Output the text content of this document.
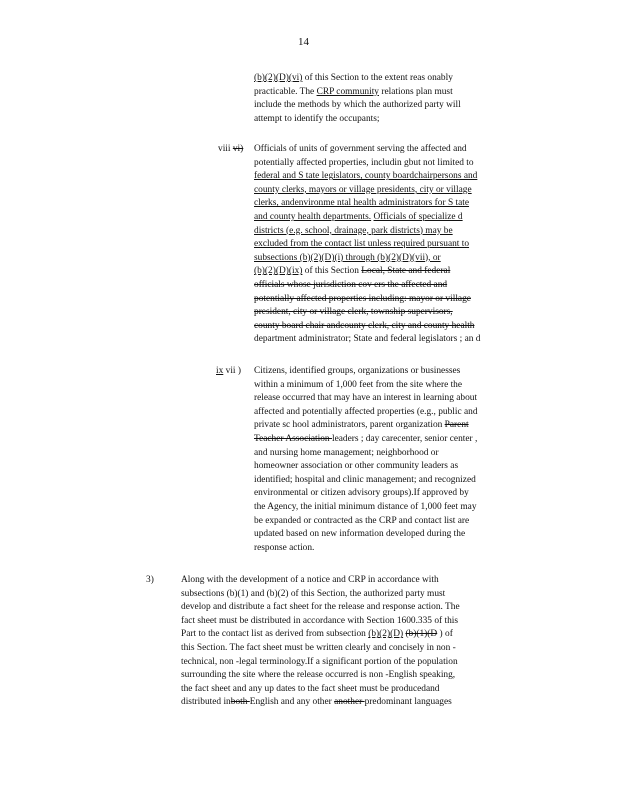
14
(b)(2)(D)(vi) of this Section to the extent reas onably
practicable. The CRP community relations plan must
include the methods by which the authorized party will
attempt to identify the occupants;
viii vi) Officials of units of government serving the affected and
potentially affected properties, includin gbut not limited to
federal and S tate legislators, county boardchairpersons and
county clerks, mayors or village presidents, city or village
clerks, andenvironme ntal health administrators for S tate
and county health departments. Officials of specialize d
districts (e.g. school, drainage, park districts) may be
excluded from the contact list unless required pursuant to
subsections (b)(2)(D)(i) through (b)(2)(D)(vii), or
(b)(2)(D)(ix) of this Section Local, State and federal
officials whose jurisdiction cov ers the affected and
potentially affected properties including: mayor or village
president, city or village clerk, township supervisors,
county board chair andcounty clerk, city and county health
department administrator; State and federal legislators ; an d
ix vii ) Citizens, identified groups, organizations or businesses
within a minimum of 1,000 feet from the site where the
release occurred that may have an interest in learning about
affected and potentially affected properties (e.g., public and
private sc hool administrators, parent organization Parent
Teacher Association leaders ; day carecenter, senior center ,
and nursing home management; neighborhood or
homeowner association or other community leaders as
identified; hospital and clinic management; and recognized
environmental or citizen advisory groups).If approved by
the Agency, the initial minimum distance of 1,000 feet may
be expanded or contracted as the CRP and contact list are
updated based on new information developed during the
response action.
3)	Along with the development of a notice and CRP in accordance with
subsections (b)(1) and (b)(2) of this Section, the authorized party must
develop and distribute a fact sheet for the release and response action. The
fact sheet must be distributed in accordance with Section 1600.335 of this
Part to the contact list as derived from subsection (b)(2)(D) (b)(1)(D ) of
this Section. The fact sheet must be written clearly and concisely in non -
technical, non -legal terminology.If a significant portion of the population
surrounding the site where the release occurred is non -English speaking,
the fact sheet and any up dates to the fact sheet must be producedand
distributed inboth English and any other another predominant languages
